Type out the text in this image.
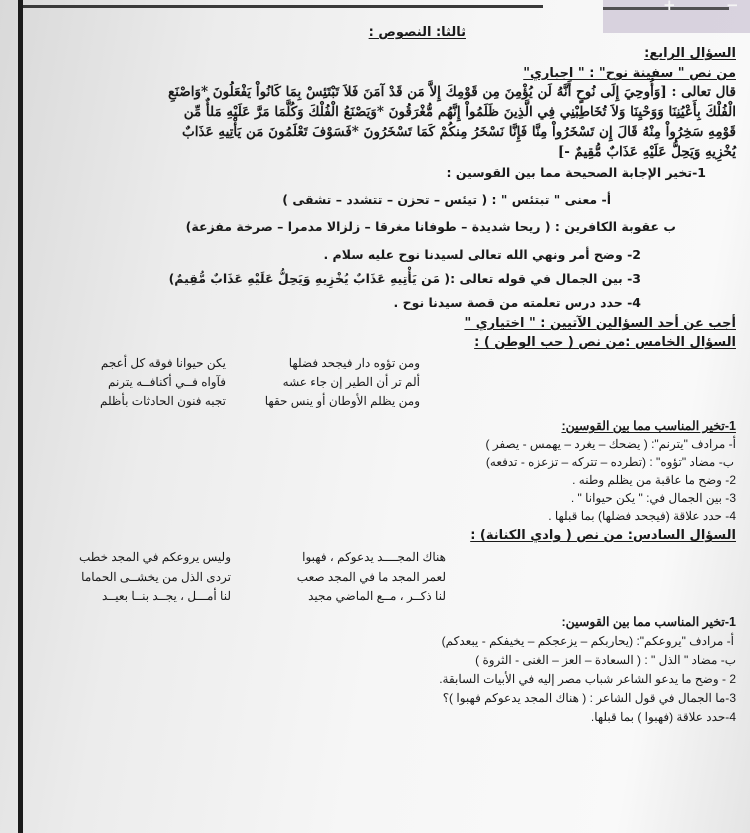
+	−
ثالثا: النصوص :
السؤال الرابع:
من نص " سفينة نوح" : " اجباري"
قال تعالى : [وَأُوحِيَ إِلَى نُوحٍ أَنَّهُ لَن يُؤْمِنَ مِن قَوْمِكَ إِلاَّ مَن قَدْ آمَنَ فَلاَ تَبْتَئِسْ بِمَا كَانُواْ يَفْعَلُونَ *وَاصْنَعِ
الْفُلْكَ بِأَعْيُنِنَا وَوَحْيِنَا وَلاَ تُخَاطِبْنِي فِي الَّذِينَ ظَلَمُواْ إِنَّهُم مُّغْرَقُونَ *وَيَصْنَعُ الْفُلْكَ وَكُلَّمَا مَرَّ عَلَيْهِ مَلأٌ مِّن
قَوْمِهِ سَخِرُواْ مِنْهُ قَالَ إِن تَسْخَرُواْ مِنَّا فَإِنَّا نَسْخَرُ مِنكُمْ كَمَا تَسْخَرُونَ *فَسَوْفَ تَعْلَمُونَ مَن يَأْتِيهِ عَذَابٌ
يُخْزِيهِ وَيَحِلُّ عَلَيْهِ عَذَابٌ مُّقِيمٌ -]
1-تخير الإجابة الصحيحة مما بين القوسين :
أ- معنى " تبتئس " : ( تيئس – تحزن – تتشدد – تشقى )
ب عقوبة الكافرين : ( ريحا شديدة – طوفانا مغرقا – زلزالا مدمرا – صرخة مفزعة)
2- وضح أمر ونهي الله تعالى لسيدنا نوح عليه سلام .
3- بين الجمال في قوله تعالى :( مَن يَأْتِيهِ عَذَابٌ يُخْزِيهِ وَيَحِلُّ عَلَيْهِ عَذَابٌ مُّقِيمٌ)
4- حدد درس تعلمته من قصة سيدنا نوح .
أجب عن أحد السؤالين الآتيين : " اختياري "
السؤال الخامس :من نص ( حب الوطن ) :
ومن تؤوه دار فيجحد فضلها
يكن حيوانا فوقه كل أعجم
ألم تر أن الطير إن جاء عشه
فآواه فــي أكنافــه يترنم
ومن يظلم الأوطان أو ينس حقها
تجبه فنون الحادثات بأظلم
1-تخير المناسب مما بين القوسين:
أ- مرادف "يترنم": ( يضحك – يغرد – يهمس - يصفر )
ب- مضاد "تؤوه" : (تطرده – تتركه – تزعزه - تدفعه)
2- وضح ما عاقبة من يظلم وطنه .
3- بين الجمال في: " يكن حيوانا " .
4- حدد علاقة (فيجحد فضلها) بما قبلها .
السؤال السادس: من نص ( وادي الكنانة) :
هناك المجــــد يدعوكم ، فهبوا
وليس يروعكم في المجد خطب
لعمر المجد ما في المجد صعب
تردى الذل من يخشــى الحماما
لنا ذكــر ، مــع الماضي مجيد
لنا أمـــل ، يجــد بنــا بعيــد
1-تخير المناسب مما بين القوسين:
أ- مرادف "يروعكم": (يحاربكم – يزعجكم – يخيفكم - يبعدكم)
ب- مضاد " الذل " : ( السعادة – العز – الغنى - الثروة )
2 - وضح ما يدعو الشاعر شباب مصر إليه في الأبيات السابقة.
3-ما الجمال في قول الشاعر : ( هناك المجد يدعوكم فهبوا )؟
4-حدد علاقة (فهبوا ) بما قبلها.
